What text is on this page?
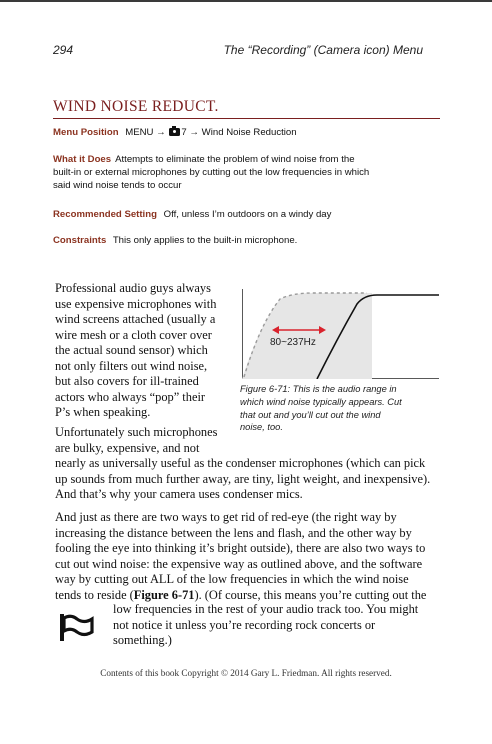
294	The “Recording” (Camera icon) Menu
WIND NOISE REDUCT.
Menu Position MENU → 7 → Wind Noise Reduction
What it Does Attempts to eliminate the problem of wind noise from the
built-in or external microphones by cutting out the low frequencies in which
said wind noise tends to occur
Recommended Setting Off, unless I’m outdoors on a windy day
Constraints This only applies to the built-in microphone.
Professional audio guys always
use expensive microphones with
wind screens attached (usually a
wire mesh or a cloth cover over
the actual sound sensor) which
not only filters out wind noise,
but also covers for ill-trained
actors who always “pop” their
P’s when speaking.
Unfortunately such microphones
are bulky, expensive, and not
nearly as universally useful as the condenser microphones (which can pick
up sounds from much further away, are tiny, light weight, and inexpensive).
And that’s why your camera uses condenser mics.
And just as there are two ways to get rid of red-eye (the right way by
increasing the distance between the lens and flash, and the other way by
fooling the eye into thinking it’s bright outside), there are also two ways to
cut out wind noise: the expensive way as outlined above, and the software
way by cutting out ALL of the low frequencies in which the wind noise
tends to reside (Figure 6-71). (Of course, this means you’re cutting out the
low frequencies in the rest of your audio track too. You might
not notice it unless you’re recording rock concerts or
something.)
80~237Hz
Figure 6-71: This is the audio range in
which wind noise typically appears. Cut
that out and you’ll cut out the wind
noise, too.
Contents of this book Copyright © 2014 Gary L. Friedman. All rights reserved.
